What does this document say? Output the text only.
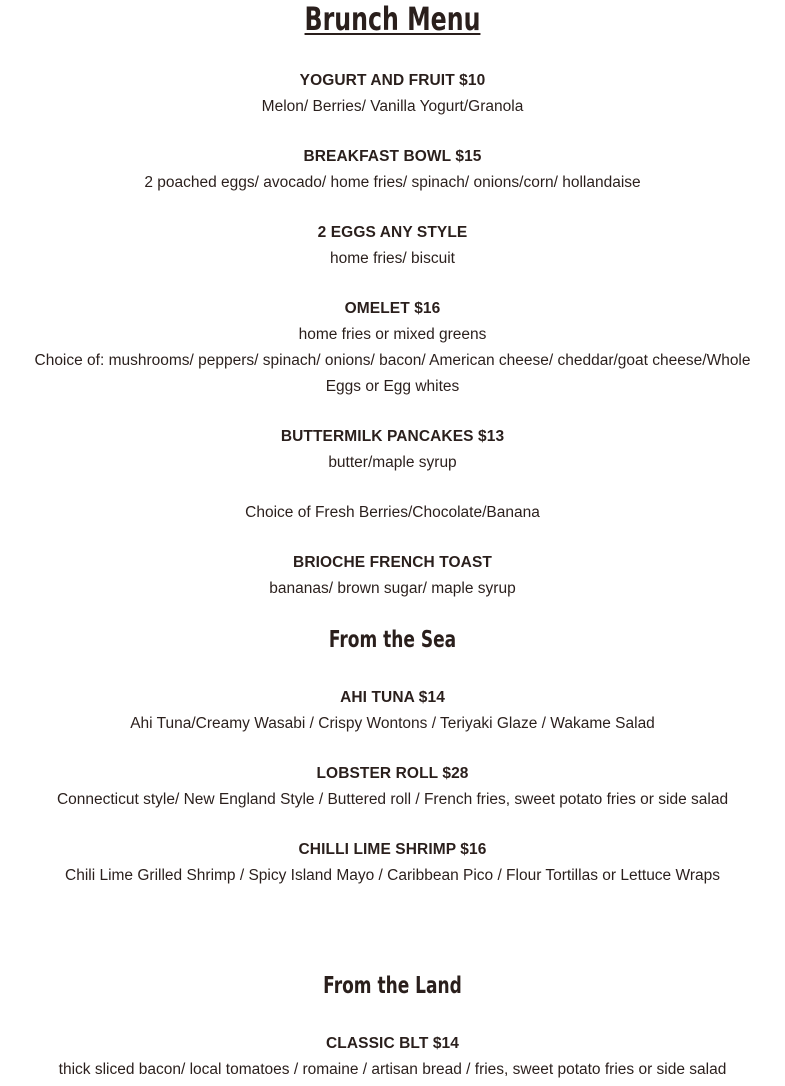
Brunch Menu
YOGURT AND FRUIT $10
Melon/ Berries/ Vanilla Yogurt/Granola
BREAKFAST BOWL $15
2 poached eggs/ avocado/ home fries/ spinach/ onions/corn/ hollandaise
2 EGGS ANY STYLE
home fries/ biscuit
OMELET $16
home fries or mixed greens
Choice of: mushrooms/ peppers/ spinach/ onions/ bacon/ American cheese/ cheddar/goat cheese/Whole
Eggs or Egg whites
BUTTERMILK PANCAKES $13
butter/maple syrup
Choice of Fresh Berries/Chocolate/Banana
BRIOCHE FRENCH TOAST
bananas/ brown sugar/ maple syrup
From the Sea
AHI TUNA $14
Ahi Tuna/Creamy Wasabi / Crispy Wontons / Teriyaki Glaze / Wakame Salad
LOBSTER ROLL $28
Connecticut style/ New England Style / Buttered roll / French fries, sweet potato fries or side salad
CHILLI LIME SHRIMP $16
Chili Lime Grilled Shrimp / Spicy Island Mayo / Caribbean Pico / Flour Tortillas or Lettuce Wraps
From the Land
CLASSIC BLT $14
thick sliced bacon/ local tomatoes / romaine / artisan bread / fries, sweet potato fries or side salad
